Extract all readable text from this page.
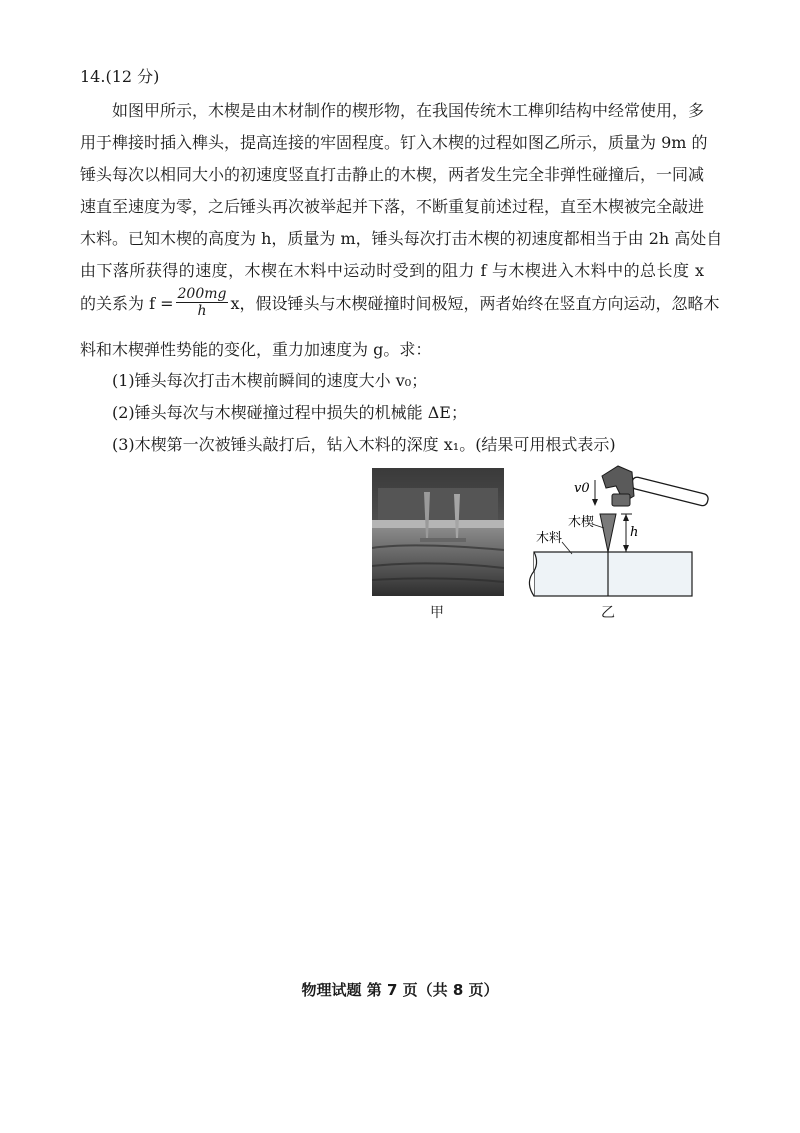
14.(12 分)
如图甲所示，木楔是由木材制作的楔形物，在我国传统木工榫卯结构中经常使用，多
用于榫接时插入榫头，提高连接的牢固程度。钉入木楔的过程如图乙所示，质量为 9m 的
锤头每次以相同大小的初速度竖直打击静止的木楔，两者发生完全非弹性碰撞后，一同减
速直至速度为零，之后锤头再次被举起并下落，不断重复前述过程，直至木楔被完全敲进
木料。已知木楔的高度为 h，质量为 m，锤头每次打击木楔的初速度都相当于由 2h 高处自
由下落所获得的速度，木楔在木料中运动时受到的阻力 f 与木楔进入木料中的总长度 x
的关系为 $f = \frac{200mg}{h}$ x，假设锤头与木楔碰撞时间极短，两者始终在竖直方向运动，忽略木
料和木楔弹性势能的变化，重力加速度为 g。求：
(1)锤头每次打击木楔前瞬间的速度大小 v₀；
(2)锤头每次与木楔碰撞过程中损失的机械能 ΔE；
(3)木楔第一次被锤头敲打后，钻入木料的深度 x₁。(结果可用根式表示)
甲
h
v0
木楔
木料
乙
物理试题 第 7 页（共 8 页）
